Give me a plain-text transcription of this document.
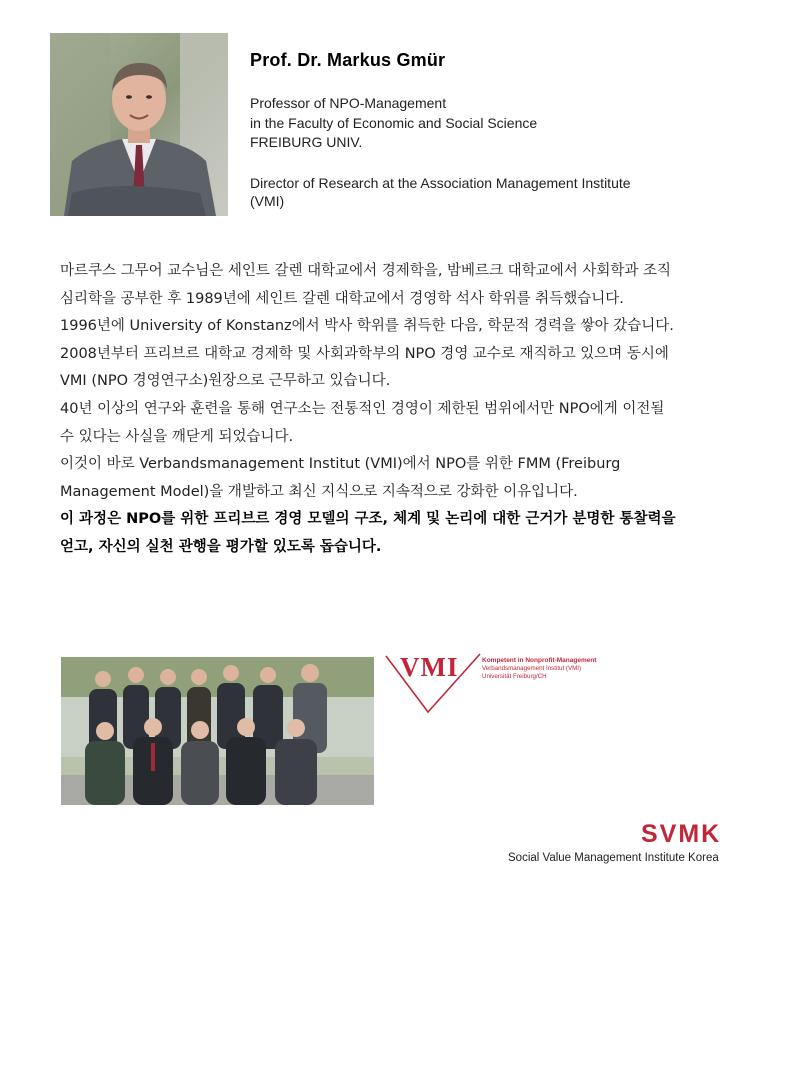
Prof. Dr. Markus Gmür
Professor of NPO-Management
in the Faculty of Economic and Social Science
FREIBURG UNIV.
Director of Research at the Association Management Institute
(VMI)

마르쿠스 그무어 교수님은 세인트 갈렌 대학교에서 경제학을, 밤베르크 대학교에서 사회학과 조직 심리학을 공부한 후 1989년에 세인트 갈렌 대학교에서 경영학 석사 학위를 취득했습니다.

1996년에 University of Konstanz에서 박사 학위를 취득한 다음, 학문적 경력을 쌓아 갔습니다.

2008년부터 프리브르 대학교 경제학 및 사회과학부의 NPO 경영 교수로 재직하고 있으며 동시에 VMI (NPO 경영연구소)원장으로 근무하고 있습니다.

40년 이상의 연구와 훈련을 통해 연구소는 전통적인 경영이 제한된 범위에서만 NPO에게 이전될 수 있다는 사실을 깨닫게 되었습니다.

이것이 바로 Verbandsmanagement Institut (VMI)에서 NPO를 위한 FMM (Freiburg Management Model)을 개발하고 최신 지식으로 지속적으로 강화한 이유입니다.

이 과정은 NPO를 위한 프리브르 경영 모델의 구조, 체계 및 논리에 대한 근거가 분명한 통찰력을 얻고, 자신의 실천 관행을 평가할 있도록 돕습니다.

VMI	Kompetent in Nonprofit-Management
Verbandsmanagement Institut (VMI)
Universität Freiburg/CH
SVMK
Social Value Management Institute Korea
